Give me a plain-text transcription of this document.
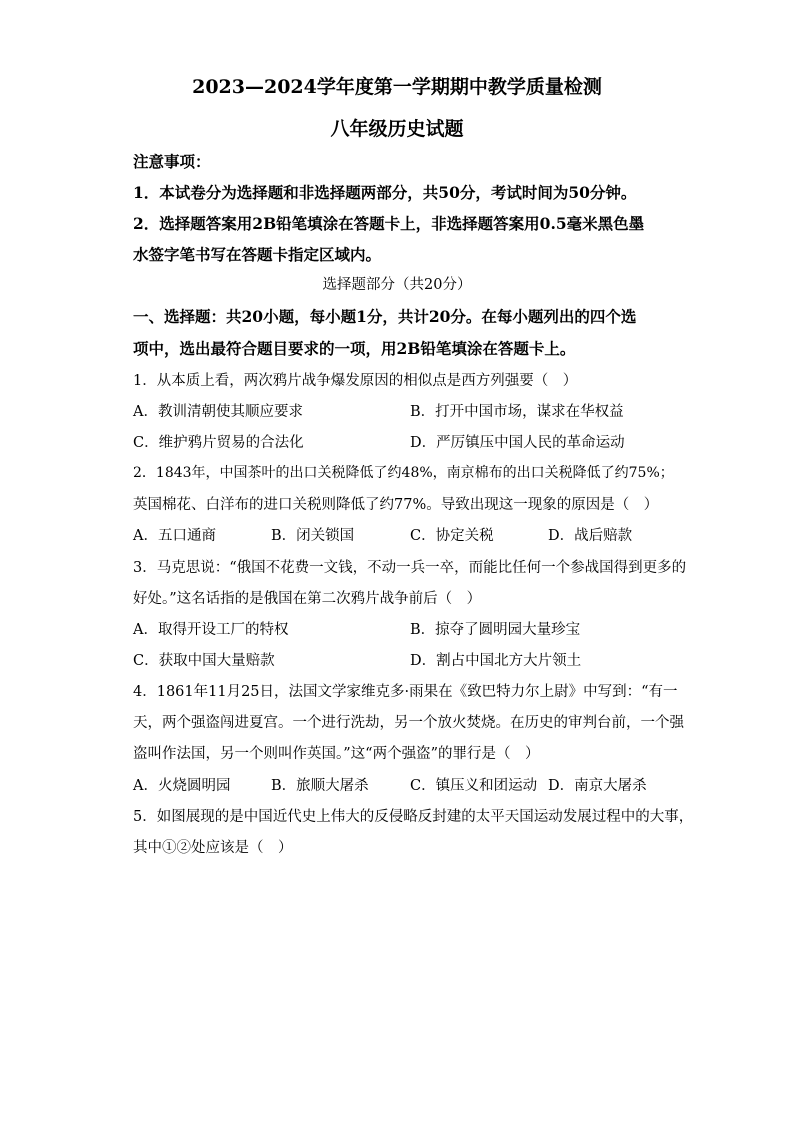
2023—2024学年度第一学期期中教学质量检测
八年级历史试题
注意事项：
1．本试卷分为选择题和非选择题两部分，共50分，考试时间为50分钟。
2．选择题答案用2B铅笔填涂在答题卡上，非选择题答案用0.5毫米黑色墨
水签字笔书写在答题卡指定区域内。
选择题部分（共20分）
一、选择题：共20小题，每小题1分，共计20分。在每小题列出的四个选
项中，选出最符合题目要求的一项，用2B铅笔填涂在答题卡上。
1．从本质上看，两次鸦片战争爆发原因的相似点是西方列强要（　）
A．教训清朝使其顺应要求	B．打开中国市场，谋求在华权益
C．维护鸦片贸易的合法化	D．严厉镇压中国人民的革命运动
2．1843年，中国茶叶的出口关税降低了约48%，南京棉布的出口关税降低了约75%；
英国棉花、白洋布的进口关税则降低了约77%。导致出现这一现象的原因是（　）
A．五口通商	B．闭关锁国	C．协定关税	D．战后赔款
3．马克思说：“俄国不花费一文钱，不动一兵一卒，而能比任何一个参战国得到更多的
好处。”这名话指的是俄国在第二次鸦片战争前后（　）
A．取得开设工厂的特权	B．掠夺了圆明园大量珍宝
C．获取中国大量赔款	D．割占中国北方大片领土
4．1861年11月25日，法国文学家维克多·雨果在《致巴特力尔上尉》中写到：“有一
天，两个强盗闯进夏宫。一个进行洗劫，另一个放火焚烧。在历史的审判台前，一个强
盗叫作法国，另一个则叫作英国。”这“两个强盗”的罪行是（　）
A．火烧圆明园	B．旅顺大屠杀	C．镇压义和团运动 D．南京大屠杀
5．如图展现的是中国近代史上伟大的反侵略反封建的太平天国运动发展过程中的大事，
其中①②处应该是（　）
